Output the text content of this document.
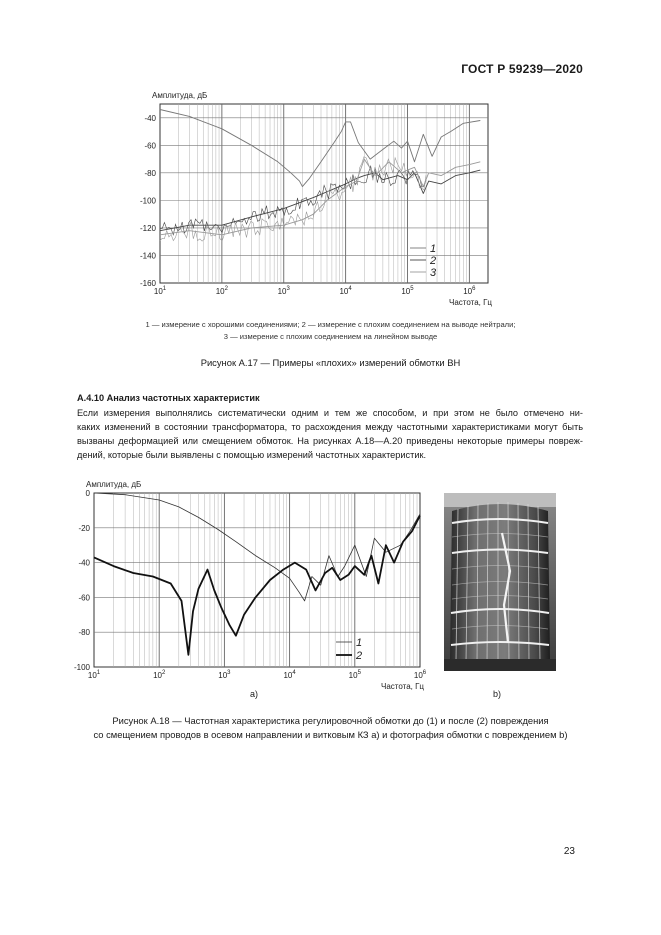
ГОСТ Р 59239—2020
-40
-60
-80
-100
-120
-140
-160
$10^1$	$10^2$	$10^3$	$10^4$	$10^5$	$10^6$
Амплитуда, дБ
Частота, Гц
1
2
3
1 — измерение с хорошими соединениями; 2 — измерение с плохим соединением на выводе нейтрали;
3 — измерение с плохим соединением на линейном выводе
Рисунок А.17 — Примеры «плохих» измерений обмотки ВН
А.4.10 Анализ частотных характеристик
Если измерения выполнялись систематически одним и тем же способом, и при этом не было отмечено ни-
каких изменений в состоянии трансформатора, то расхождения между частотными характеристиками могут быть
вызваны деформацией или смещением обмоток. На рисунках А.18—А.20 приведены некоторые примеры повреж-
дений, которые были выявлены с помощью измерений частотных характеристик.
0
-20
-40
-60
-80
-100
$10^1$	$10^2$	$10^3$	$10^4$	$10^5$	$10^6$
Амплитуда, дБ
Частота, Гц
1
2
a)	b)
Рисунок А.18 — Частотная характеристика регулировочной обмотки до (1) и после (2) повреждения
со смещением проводов в осевом направлении и витковым КЗ а) и фотография обмотки с повреждением b)
23
